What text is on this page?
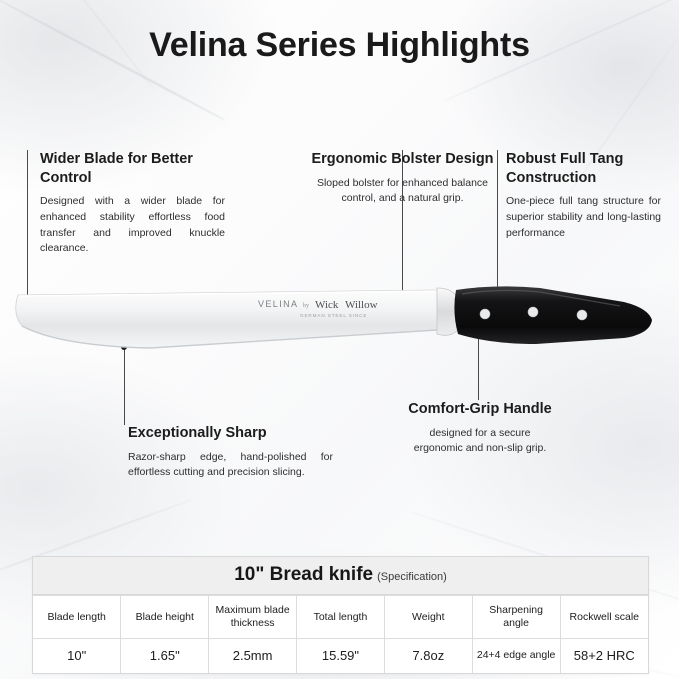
Velina Series Highlights
Wider Blade for Better Control
Designed with a wider blade for enhanced stability effortless food transfer and improved knuckle clearance.
Ergonomic Bolster Design
Sloped bolster for enhanced balance control, and a natural grip.
Robust Full Tang Construction
One-piece full tang structure for superior stability and long-lasting performance
Exceptionally Sharp
Razor-sharp edge, hand-polished for effortless cutting and precision slicing.
Comfort-Grip Handle
designed for a secure ergonomic and non-slip grip.
VELINA by Wick Willow
GERMAN STEEL SINCE
10" Bread knife (Specification)
Blade length	Blade height	Maximum blade thickness	Total length	Weight	Sharpening angle	Rockwell scale
10"	1.65"	2.5mm	15.59"	7.8oz	24+4 edge angle	58+2 HRC
